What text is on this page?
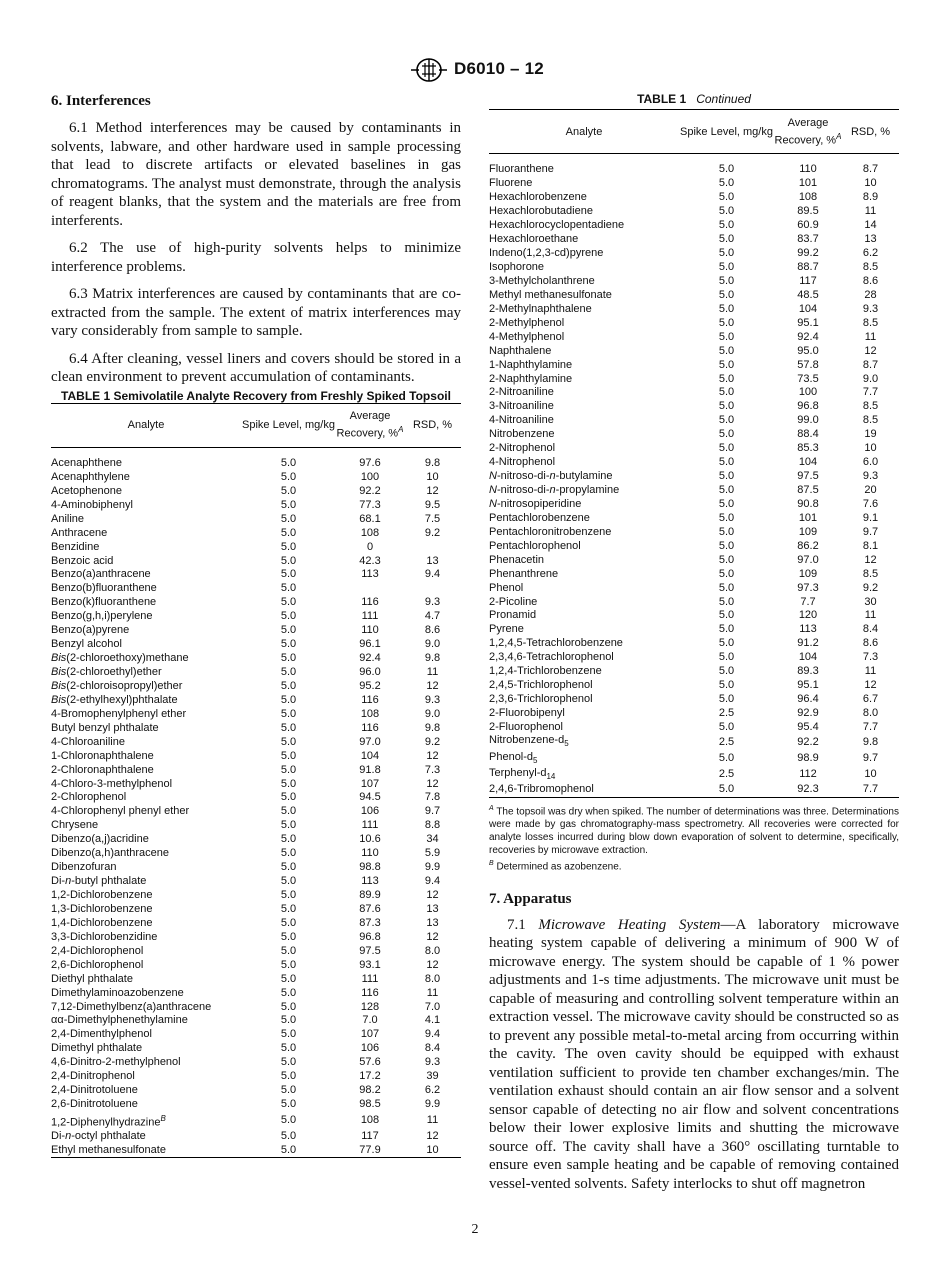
D6010 – 12
6. Interferences

6.1 Method interferences may be caused by contaminants in solvents, labware, and other hardware used in sample processing that lead to discrete artifacts or elevated baselines in gas chromatograms. The analyst must demonstrate, through the analysis of reagent blanks, that the system and the materials are free from interferents.

6.2 The use of high-purity solvents helps to minimize interference problems.

6.3 Matrix interferences are caused by contaminants that are co-extracted from the sample. The extent of matrix interferences may vary considerably from sample to sample.

6.4 After cleaning, vessel liners and covers should be stored in a clean environment to prevent accumulation of contaminants.

TABLE 1 Semivolatile Analyte Recovery from Freshly Spiked Topsoil
Analyte	Spike Level, mg/kg	Average Recovery, %$^A$	RSD, %

Acenaphthene	5.0	97.6	9.8
Acenaphthylene	5.0	100	10
Acetophenone	5.0	92.2	12
4-Aminobiphenyl	5.0	77.3	9.5
Aniline	5.0	68.1	7.5
Anthracene	5.0	108	9.2
Benzidine	5.0	0	
Benzoic acid	5.0	42.3	13
Benzo(a)anthracene	5.0	113	9.4
Benzo(b)fluoranthene	5.0		
Benzo(k)fluoranthene	5.0	116	9.3
Benzo(g,h,i)perylene	5.0	111	4.7
Benzo(a)pyrene	5.0	110	8.6
Benzyl alcohol	5.0	96.1	9.0
Bis(2-chloroethoxy)methane	5.0	92.4	9.8
Bis(2-chloroethyl)ether	5.0	96.0	11
Bis(2-chloroisopropyl)ether	5.0	95.2	12
Bis(2-ethylhexyl)phthalate	5.0	116	9.3
4-Bromophenylphenyl ether	5.0	108	9.0
Butyl benzyl phthalate	5.0	116	9.8
4-Chloroaniline	5.0	97.0	9.2
1-Chloronaphthalene	5.0	104	12
2-Chloronaphthalene	5.0	91.8	7.3
4-Chloro-3-methylphenol	5.0	107	12
2-Chlorophenol	5.0	94.5	7.8
4-Chlorophenyl phenyl ether	5.0	106	9.7
Chrysene	5.0	111	8.8
Dibenzo(a,j)acridine	5.0	10.6	34
Dibenzo(a,h)anthracene	5.0	110	5.9
Dibenzofuran	5.0	98.8	9.9
Di-n-butyl phthalate	5.0	113	9.4
1,2-Dichlorobenzene	5.0	89.9	12
1,3-Dichlorobenzene	5.0	87.6	13
1,4-Dichlorobenzene	5.0	87.3	13
3,3-Dichlorobenzidine	5.0	96.8	12
2,4-Dichlorophenol	5.0	97.5	8.0
2,6-Dichlorophenol	5.0	93.1	12
Diethyl phthalate	5.0	111	8.0
Dimethylaminoazobenzene	5.0	116	11
7,12-Dimethylbenz(a)anthracene	5.0	128	7.0
αα-Dimethylphenethylamine	5.0	7.0	4.1
2,4-Dimenthylphenol	5.0	107	9.4
Dimethyl phthalate	5.0	106	8.4
4,6-Dinitro-2-methylphenol	5.0	57.6	9.3
2,4-Dinitrophenol	5.0	17.2	39
2,4-Dinitrotoluene	5.0	98.2	6.2
2,6-Dinitrotoluene	5.0	98.5	9.9
1,2-Diphenylhydrazine$^B$	5.0	108	11
Di-n-octyl phthalate	5.0	117	12
Ethyl methanesulfonate	5.0	77.9	10
TABLE 1 Continued
Analyte	Spike Level, mg/kg	Average Recovery, %$^A$	RSD, %

Fluoranthene	5.0	110	8.7
Fluorene	5.0	101	10
Hexachlorobenzene	5.0	108	8.9
Hexachlorobutadiene	5.0	89.5	11
Hexachlorocyclopentadiene	5.0	60.9	14
Hexachloroethane	5.0	83.7	13
Indeno(1,2,3-cd)pyrene	5.0	99.2	6.2
Isophorone	5.0	88.7	8.5
3-Methylcholanthrene	5.0	117	8.6
Methyl methanesulfonate	5.0	48.5	28
2-Methylnaphthalene	5.0	104	9.3
2-Methylphenol	5.0	95.1	8.5
4-Methylphenol	5.0	92.4	11
Naphthalene	5.0	95.0	12
1-Naphthylamine	5.0	57.8	8.7
2-Naphthylamine	5.0	73.5	9.0
2-Nitroaniline	5.0	100	7.7
3-Nitroaniline	5.0	96.8	8.5
4-Nitroaniline	5.0	99.0	8.5
Nitrobenzene	5.0	88.4	19
2-Nitrophenol	5.0	85.3	10
4-Nitrophenol	5.0	104	6.0
N-nitroso-di-n-butylamine	5.0	97.5	9.3
N-nitroso-di-n-propylamine	5.0	87.5	20
N-nitrosopiperidine	5.0	90.8	7.6
Pentachlorobenzene	5.0	101	9.1
Pentachloronitrobenzene	5.0	109	9.7
Pentachlorophenol	5.0	86.2	8.1
Phenacetin	5.0	97.0	12
Phenanthrene	5.0	109	8.5
Phenol	5.0	97.3	9.2
2-Picoline	5.0	7.7	30
Pronamid	5.0	120	11
Pyrene	5.0	113	8.4
1,2,4,5-Tetrachlorobenzene	5.0	91.2	8.6
2,3,4,6-Tetrachlorophenol	5.0	104	7.3
1,2,4-Trichlorobenzene	5.0	89.3	11
2,4,5-Trichlorophenol	5.0	95.1	12
2,3,6-Trichlorophenol	5.0	96.4	6.7
2-Fluorobipenyl	2.5	92.9	8.0
2-Fluorophenol	5.0	95.4	7.7
Nitrobenzene-$d_5$	2.5	92.2	9.8
Phenol-$d_5$	5.0	98.9	9.7
Terphenyl-$d_{14}$	2.5	112	10
2,4,6-Tribromophenol	5.0	92.3	7.7

$^A$ The topsoil was dry when spiked. The number of determinations was three. Determinations were made by gas chromatography-mass spectrometry. All recoveries were corrected for analyte losses incurred during blow down evaporation of solvent to determine, specifically, recoveries by microwave extraction.

$^B$ Determined as azobenzene.

7. Apparatus

7.1 Microwave Heating System—A laboratory microwave heating system capable of delivering a minimum of 900 W of microwave energy. The system should be capable of 1 % power adjustments and 1-s time adjustments. The microwave unit must be capable of measuring and controlling solvent temperature within an extraction vessel. The microwave cavity should be constructed so as to prevent any possible metal-to-metal arcing from occurring within the cavity. The oven cavity should be equipped with exhaust ventilation sufficient to provide ten chamber exchanges/min. The ventilation exhaust should contain an air flow sensor and a solvent sensor capable of detecting no air flow and solvent concentrations below their lower explosive limits and shutting the microwave source off. The cavity shall have a 360° oscillating turntable to ensure even sample heating and be capable of removing contained vessel-vented solvents. Safety interlocks to shut off magnetron

2
